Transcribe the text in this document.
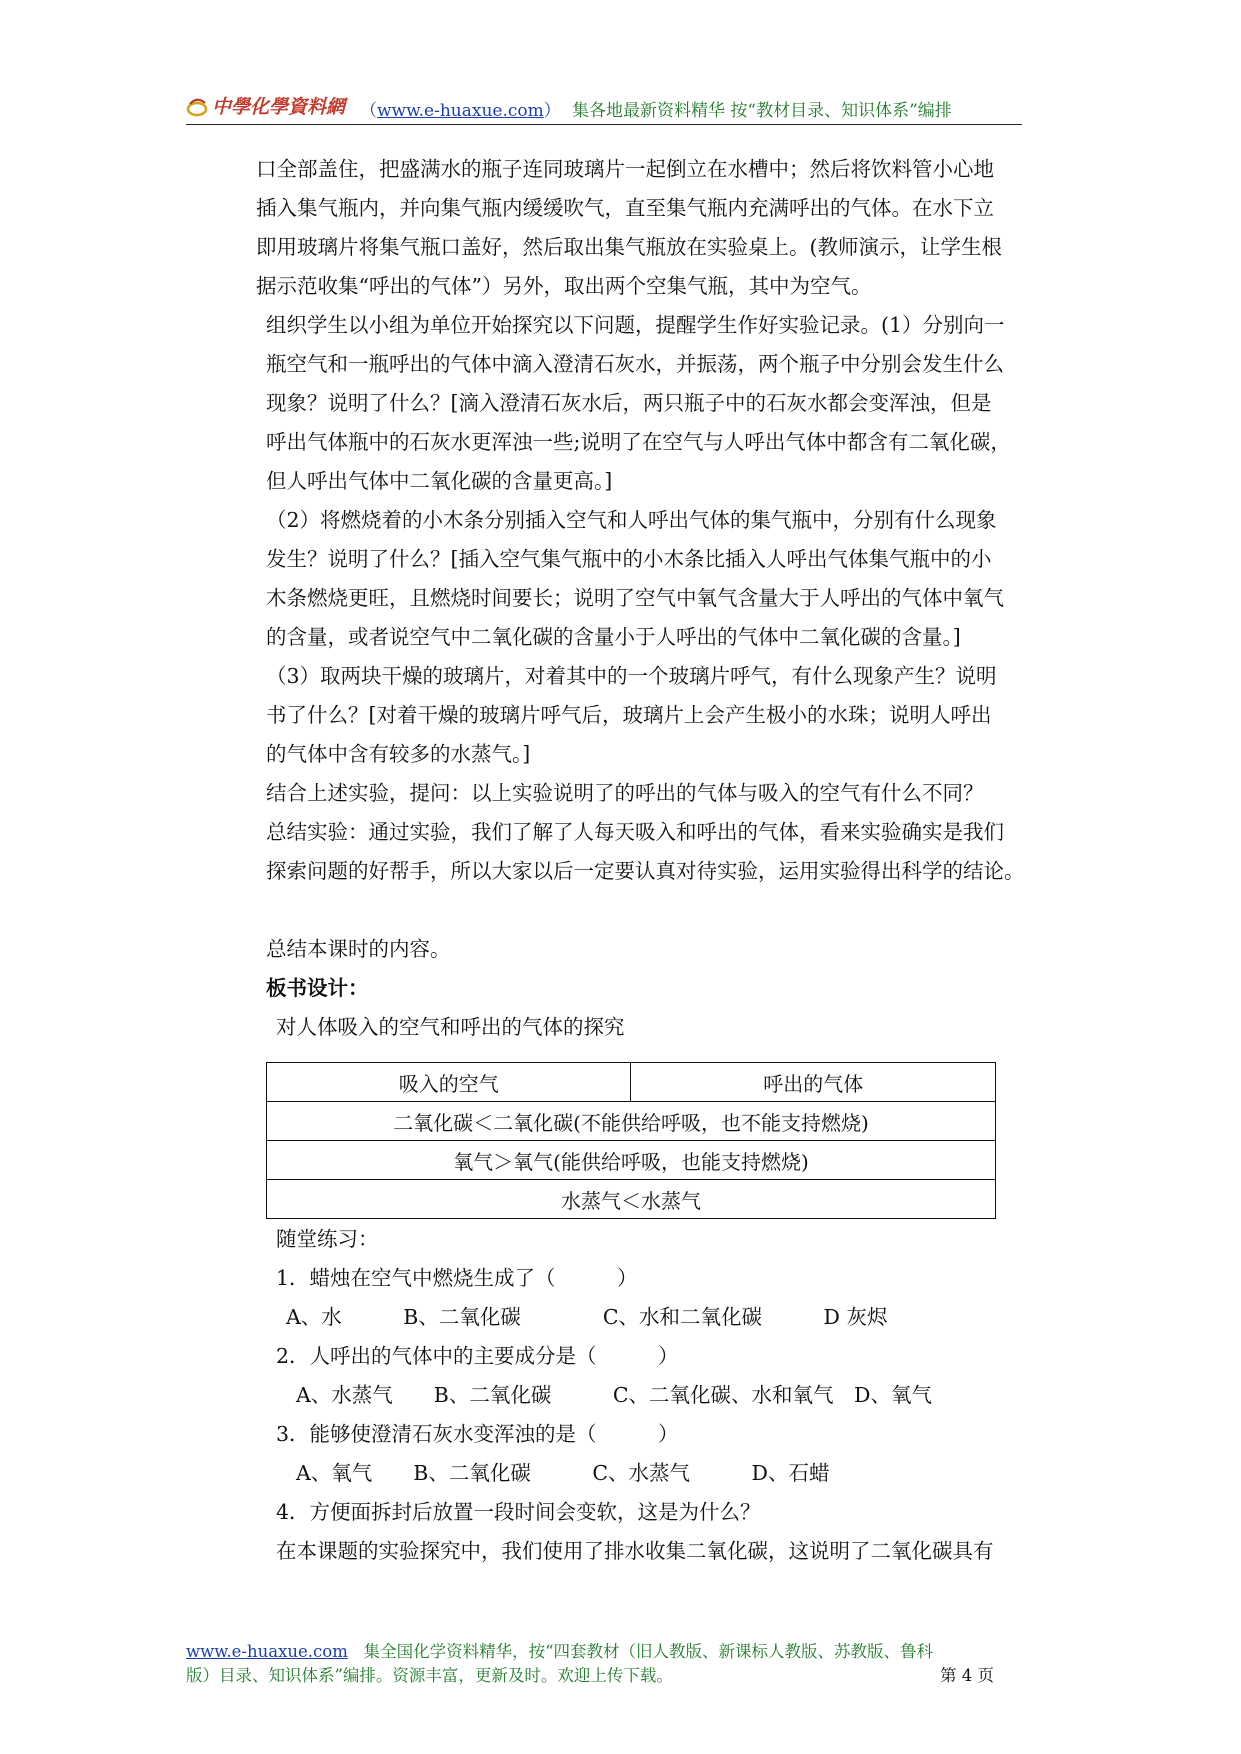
中學化學資料網 （www.e-huaxue.com） 集各地最新资料精华 按“教材目录、知识体系”编排

口全部盖住，把盛满水的瓶子连同玻璃片一起倒立在水槽中；然后将饮料管小心地

插入集气瓶内，并向集气瓶内缓缓吹气，直至集气瓶内充满呼出的气体。在水下立

即用玻璃片将集气瓶口盖好，然后取出集气瓶放在实验桌上。(教师演示，让学生根

据示范收集“呼出的气体”）另外，取出两个空集气瓶，其中为空气。

组织学生以小组为单位开始探究以下问题，提醒学生作好实验记录。(1）分别向一

瓶空气和一瓶呼出的气体中滴入澄清石灰水，并振荡，两个瓶子中分别会发生什么

现象？说明了什么？[滴入澄清石灰水后，两只瓶子中的石灰水都会变浑浊，但是

呼出气体瓶中的石灰水更浑浊一些;说明了在空气与人呼出气体中都含有二氧化碳，

但人呼出气体中二氧化碳的含量更高。]

（2）将燃烧着的小木条分别插入空气和人呼出气体的集气瓶中，分别有什么现象

发生？说明了什么？[插入空气集气瓶中的小木条比插入人呼出气体集气瓶中的小

木条燃烧更旺，且燃烧时间要长；说明了空气中氧气含量大于人呼出的气体中氧气

的含量，或者说空气中二氧化碳的含量小于人呼出的气体中二氧化碳的含量。]

（3）取两块干燥的玻璃片，对着其中的一个玻璃片呼气，有什么现象产生？说明

书了什么？[对着干燥的玻璃片呼气后，玻璃片上会产生极小的水珠；说明人呼出

的气体中含有较多的水蒸气。]

结合上述实验，提问：以上实验说明了的呼出的气体与吸入的空气有什么不同？

总结实验：通过实验，我们了解了人每天吸入和呼出的气体，看来实验确实是我们

探索问题的好帮手，所以大家以后一定要认真对待实验，运用实验得出科学的结论。

总结本课时的内容。

板书设计：

对人体吸入的空气和呼出的气体的探究

吸入的空气	呼出的气体
二氧化碳＜二氧化碳(不能供给呼吸，也不能支持燃烧)
氧气＞氧气(能供给呼吸，也能支持燃烧)
水蒸气＜水蒸气

随堂练习：

1．蜡烛在空气中燃烧生成了（　　　）

A、水　　　B、二氧化碳　　　　C、水和二氧化碳　　　D 灰烬

2．人呼出的气体中的主要成分是（　　　）

A、水蒸气　　B、二氧化碳　　　C、二氧化碳、水和氧气　D、氧气

3．能够使澄清石灰水变浑浊的是（　　　）

A、氧气　　B、二氧化碳　　　C、水蒸气　　　D、石蜡

4．方便面拆封后放置一段时间会变软，这是为什么？

在本课题的实验探究中，我们使用了排水收集二氧化碳，这说明了二氧化碳具有

www.e-huaxue.com 集全国化学资料精华，按“四套教材（旧人教版、新课标人教版、苏教版、鲁科

版）目录、知识体系”编排。资源丰富，更新及时。欢迎上传下载。	第 4 页
